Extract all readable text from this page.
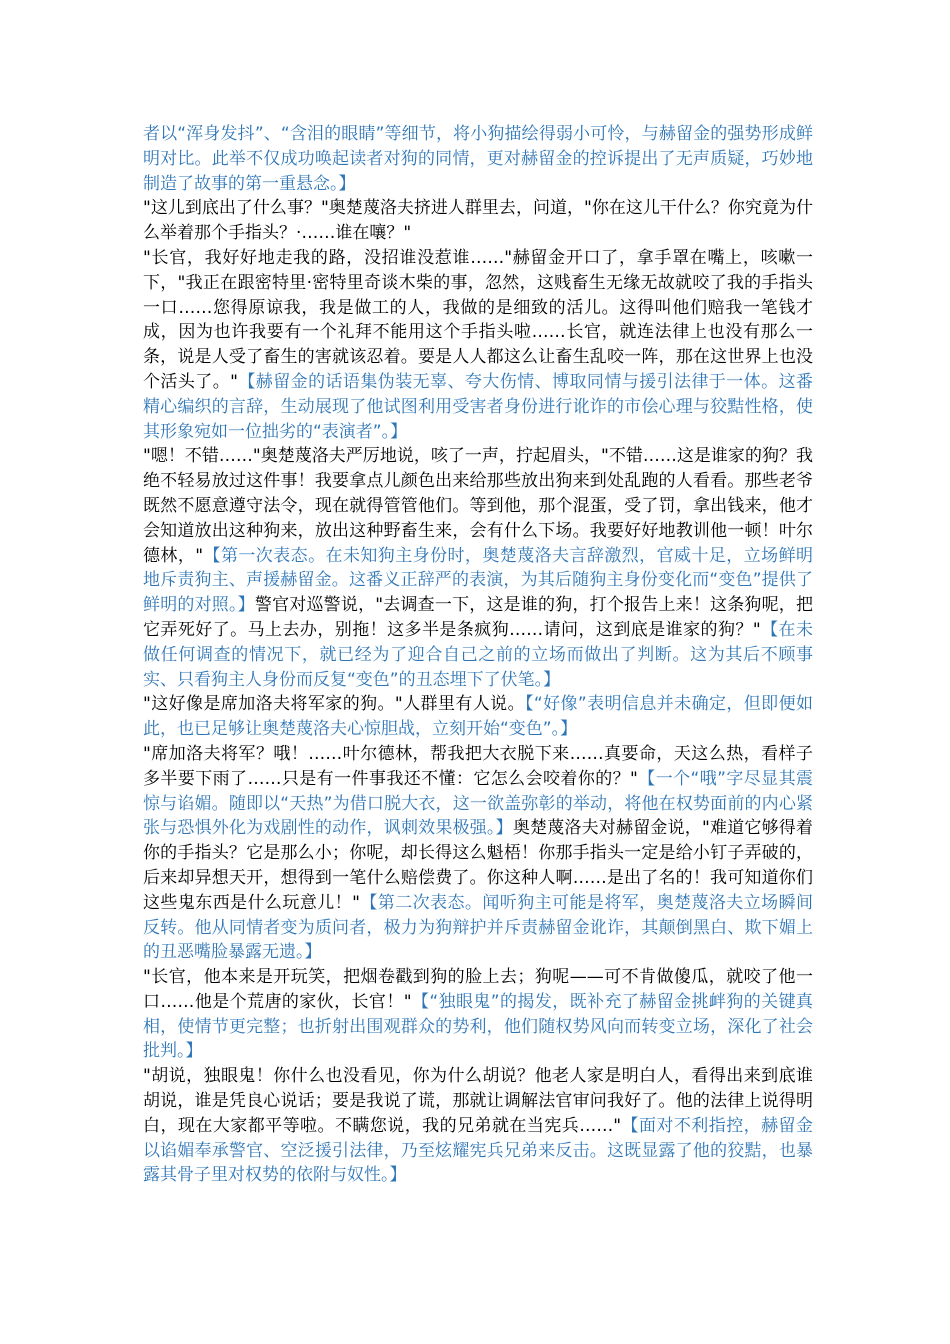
者以“浑身发抖”、“含泪的眼睛”等细节，将小狗描绘得弱小可怜，与赫留金的强势形成鲜明对比。此举不仅成功唤起读者对狗的同情，更对赫留金的控诉提出了无声质疑，巧妙地制造了故事的第一重悬念。】

"这儿到底出了什么事？"奥楚蔑洛夫挤进人群里去，问道，"你在这儿干什么？你究竟为什么举着那个手指头？·……谁在嚷？"

"长官，我好好地走我的路，没招谁没惹谁……"赫留金开口了，拿手罩在嘴上，咳嗽一下，"我正在跟密特里·密特里奇谈木柴的事，忽然，这贱畜生无缘无故就咬了我的手指头一口……您得原谅我，我是做工的人，我做的是细致的活儿。这得叫他们赔我一笔钱才成，因为也许我要有一个礼拜不能用这个手指头啦……长官，就连法律上也没有那么一条，说是人受了畜生的害就该忍着。要是人人都这么让畜生乱咬一阵，那在这世界上也没个活头了。"【赫留金的话语集伪装无辜、夸大伤情、博取同情与援引法律于一体。这番精心编织的言辞，生动展现了他试图利用受害者身份进行讹诈的市侩心理与狡黠性格，使其形象宛如一位拙劣的“表演者”。】

"嗯！不错……"奥楚蔑洛夫严厉地说，咳了一声，拧起眉头，"不错……这是谁家的狗？我绝不轻易放过这件事！我要拿点儿颜色出来给那些放出狗来到处乱跑的人看看。那些老爷既然不愿意遵守法令，现在就得管管他们。等到他，那个混蛋，受了罚，拿出钱来，他才会知道放出这种狗来，放出这种野畜生来，会有什么下场。我要好好地教训他一顿！叶尔德林，"【第一次表态。在未知狗主身份时，奥楚蔑洛夫言辞激烈，官威十足，立场鲜明地斥责狗主、声援赫留金。这番义正辞严的表演，为其后随狗主身份变化而“变色”提供了鲜明的对照。】警官对巡警说，"去调查一下，这是谁的狗，打个报告上来！这条狗呢，把它弄死好了。马上去办，别拖！这多半是条疯狗……请问，这到底是谁家的狗？"【在未做任何调查的情况下，就已经为了迎合自己之前的立场而做出了判断。这为其后不顾事实、只看狗主人身份而反复“变色”的丑态埋下了伏笔。】

"这好像是席加洛夫将军家的狗。"人群里有人说。【“好像”表明信息并未确定，但即便如此，也已足够让奥楚蔑洛夫心惊胆战，立刻开始“变色”。】

"席加洛夫将军？哦！……叶尔德林，帮我把大衣脱下来……真要命，天这么热，看样子多半要下雨了……只是有一件事我还不懂：它怎么会咬着你的？"【一个“哦”字尽显其震惊与谄媚。随即以“天热”为借口脱大衣，这一欲盖弥彰的举动，将他在权势面前的内心紧张与恐惧外化为戏剧性的动作，讽刺效果极强。】奥楚蔑洛夫对赫留金说，"难道它够得着你的手指头？它是那么小；你呢，却长得这么魁梧！你那手指头一定是给小钉子弄破的，后来却异想天开，想得到一笔什么赔偿费了。你这种人啊……是出了名的！我可知道你们这些鬼东西是什么玩意儿！"【第二次表态。闻听狗主可能是将军，奥楚蔑洛夫立场瞬间反转。他从同情者变为质问者，极力为狗辩护并斥责赫留金讹诈，其颠倒黑白、欺下媚上的丑恶嘴脸暴露无遗。】

"长官，他本来是开玩笑，把烟卷戳到狗的脸上去；狗呢——可不肯做傻瓜，就咬了他一口……他是个荒唐的家伙，长官！"【“独眼鬼”的揭发，既补充了赫留金挑衅狗的关键真相，使情节更完整；也折射出围观群众的势利，他们随权势风向而转变立场，深化了社会批判。】

"胡说，独眼鬼！你什么也没看见，你为什么胡说？他老人家是明白人，看得出来到底谁胡说，谁是凭良心说话；要是我说了谎，那就让调解法官审问我好了。他的法律上说得明白，现在大家都平等啦。不瞒您说，我的兄弟就在当宪兵……"【面对不利指控，赫留金以谄媚奉承警官、空泛援引法律，乃至炫耀宪兵兄弟来反击。这既显露了他的狡黠，也暴露其骨子里对权势的依附与奴性。】
